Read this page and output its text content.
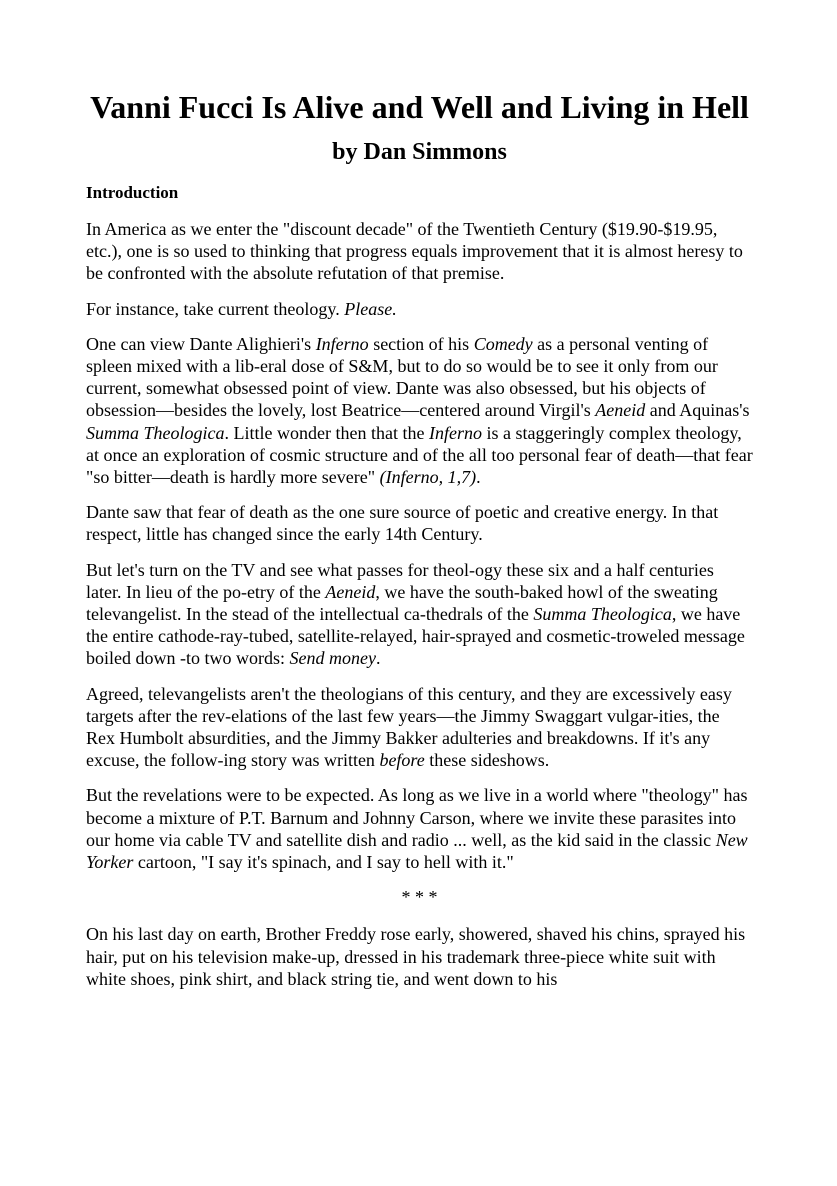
Vanni Fucci Is Alive and Well and Living in Hell
by Dan Simmons
Introduction

In America as we enter the "discount decade" of the Twentieth Century ($19.90-$19.95, etc.), one is so used to thinking that progress equals improvement that it is almost heresy to be confronted with the absolute refutation of that premise.

For instance, take current theology. Please.

One can view Dante Alighieri's Inferno section of his Comedy as a personal venting of spleen mixed with a lib-eral dose of S&M, but to do so would be to see it only from our current, somewhat obsessed point of view. Dante was also obsessed, but his objects of obsession—besides the lovely, lost Beatrice—centered around Virgil's Aeneid and Aquinas's Summa Theologica. Little wonder then that the Inferno is a staggeringly complex theology, at once an exploration of cosmic structure and of the all too personal fear of death—that fear "so bitter—death is hardly more severe" (Inferno, 1,7).

Dante saw that fear of death as the one sure source of poetic and creative energy. In that respect, little has changed since the early 14th Century.

But let's turn on the TV and see what passes for theol-ogy these six and a half centuries later. In lieu of the po-etry of the Aeneid, we have the south-baked howl of the sweating televangelist. In the stead of the intellectual ca-thedrals of the Summa Theologica, we have the entire cathode-ray-tubed, satellite-relayed, hair-sprayed and cosmetic-troweled message boiled down -to two words: Send money.

Agreed, televangelists aren't the theologians of this century, and they are excessively easy targets after the rev-elations of the last few years—the Jimmy Swaggart vulgar-ities, the Rex Humbolt absurdities, and the Jimmy Bakker adulteries and breakdowns. If it's any excuse, the follow-ing story was written before these sideshows.

But the revelations were to be expected. As long as we live in a world where "theology" has become a mixture of P.T. Barnum and Johnny Carson, where we invite these parasites into our home via cable TV and satellite dish and radio ... well, as the kid said in the classic New Yorker cartoon, "I say it's spinach, and I say to hell with it."

* * *

On his last day on earth, Brother Freddy rose early, showered, shaved his chins, sprayed his hair, put on his television make-up, dressed in his trademark three-piece white suit with white shoes, pink shirt, and black string tie, and went down to his
